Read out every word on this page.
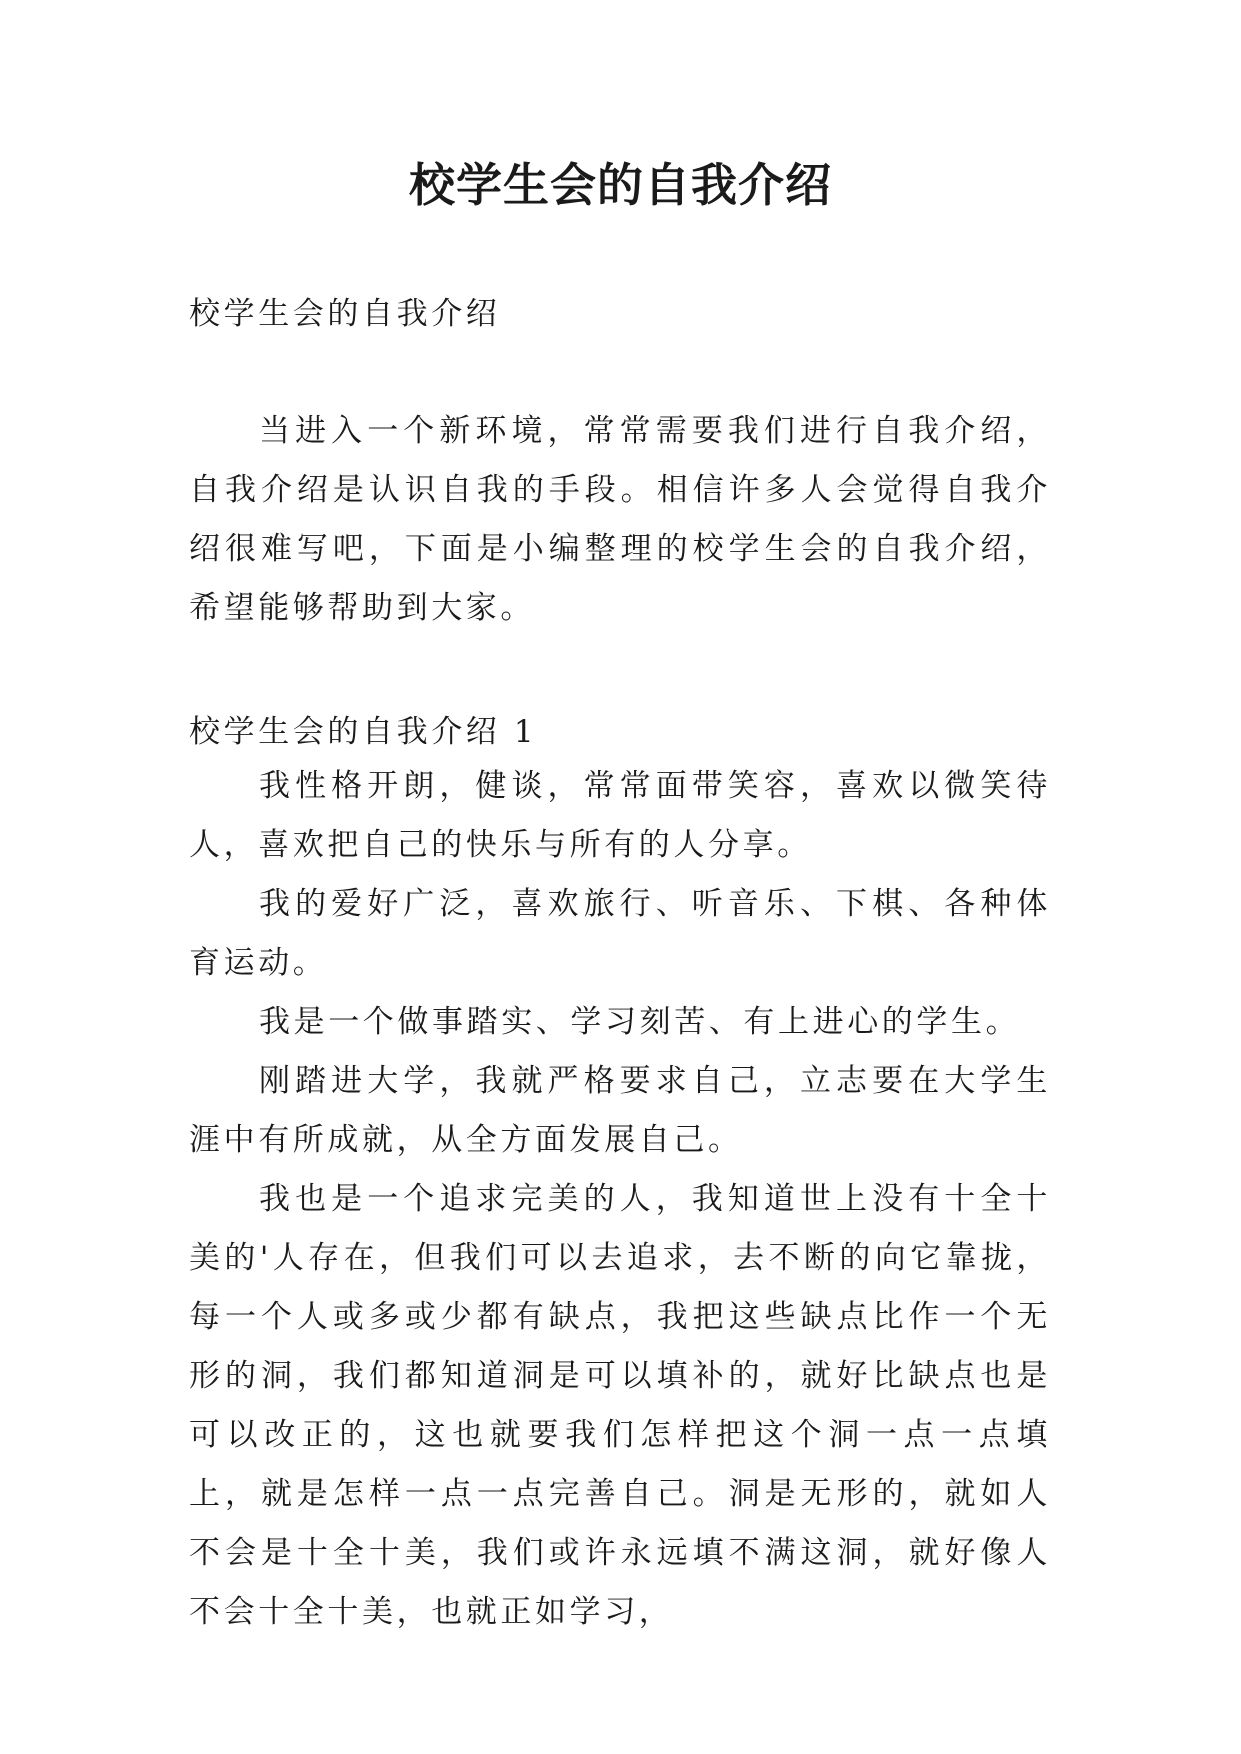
校学生会的自我介绍

校学生会的自我介绍

当进入一个新环境，常常需要我们进行自我介绍，自我介绍是认识自我的手段。相信许多人会觉得自我介绍很难写吧，下面是小编整理的校学生会的自我介绍，希望能够帮助到大家。

校学生会的自我介绍 1

我性格开朗，健谈，常常面带笑容，喜欢以微笑待人，喜欢把自己的快乐与所有的人分享。

我的爱好广泛，喜欢旅行、听音乐、下棋、各种体育运动。

我是一个做事踏实、学习刻苦、有上进心的学生。

刚踏进大学，我就严格要求自己，立志要在大学生涯中有所成就，从全方面发展自己。

我也是一个追求完美的人，我知道世上没有十全十美的'人存在，但我们可以去追求，去不断的向它靠拢，每一个人或多或少都有缺点，我把这些缺点比作一个无形的洞，我们都知道洞是可以填补的，就好比缺点也是可以改正的，这也就要我们怎样把这个洞一点一点填上，就是怎样一点一点完善自己。洞是无形的，就如人不会是十全十美，我们或许永远填不满这洞，就好像人不会十全十美，也就正如学习，
